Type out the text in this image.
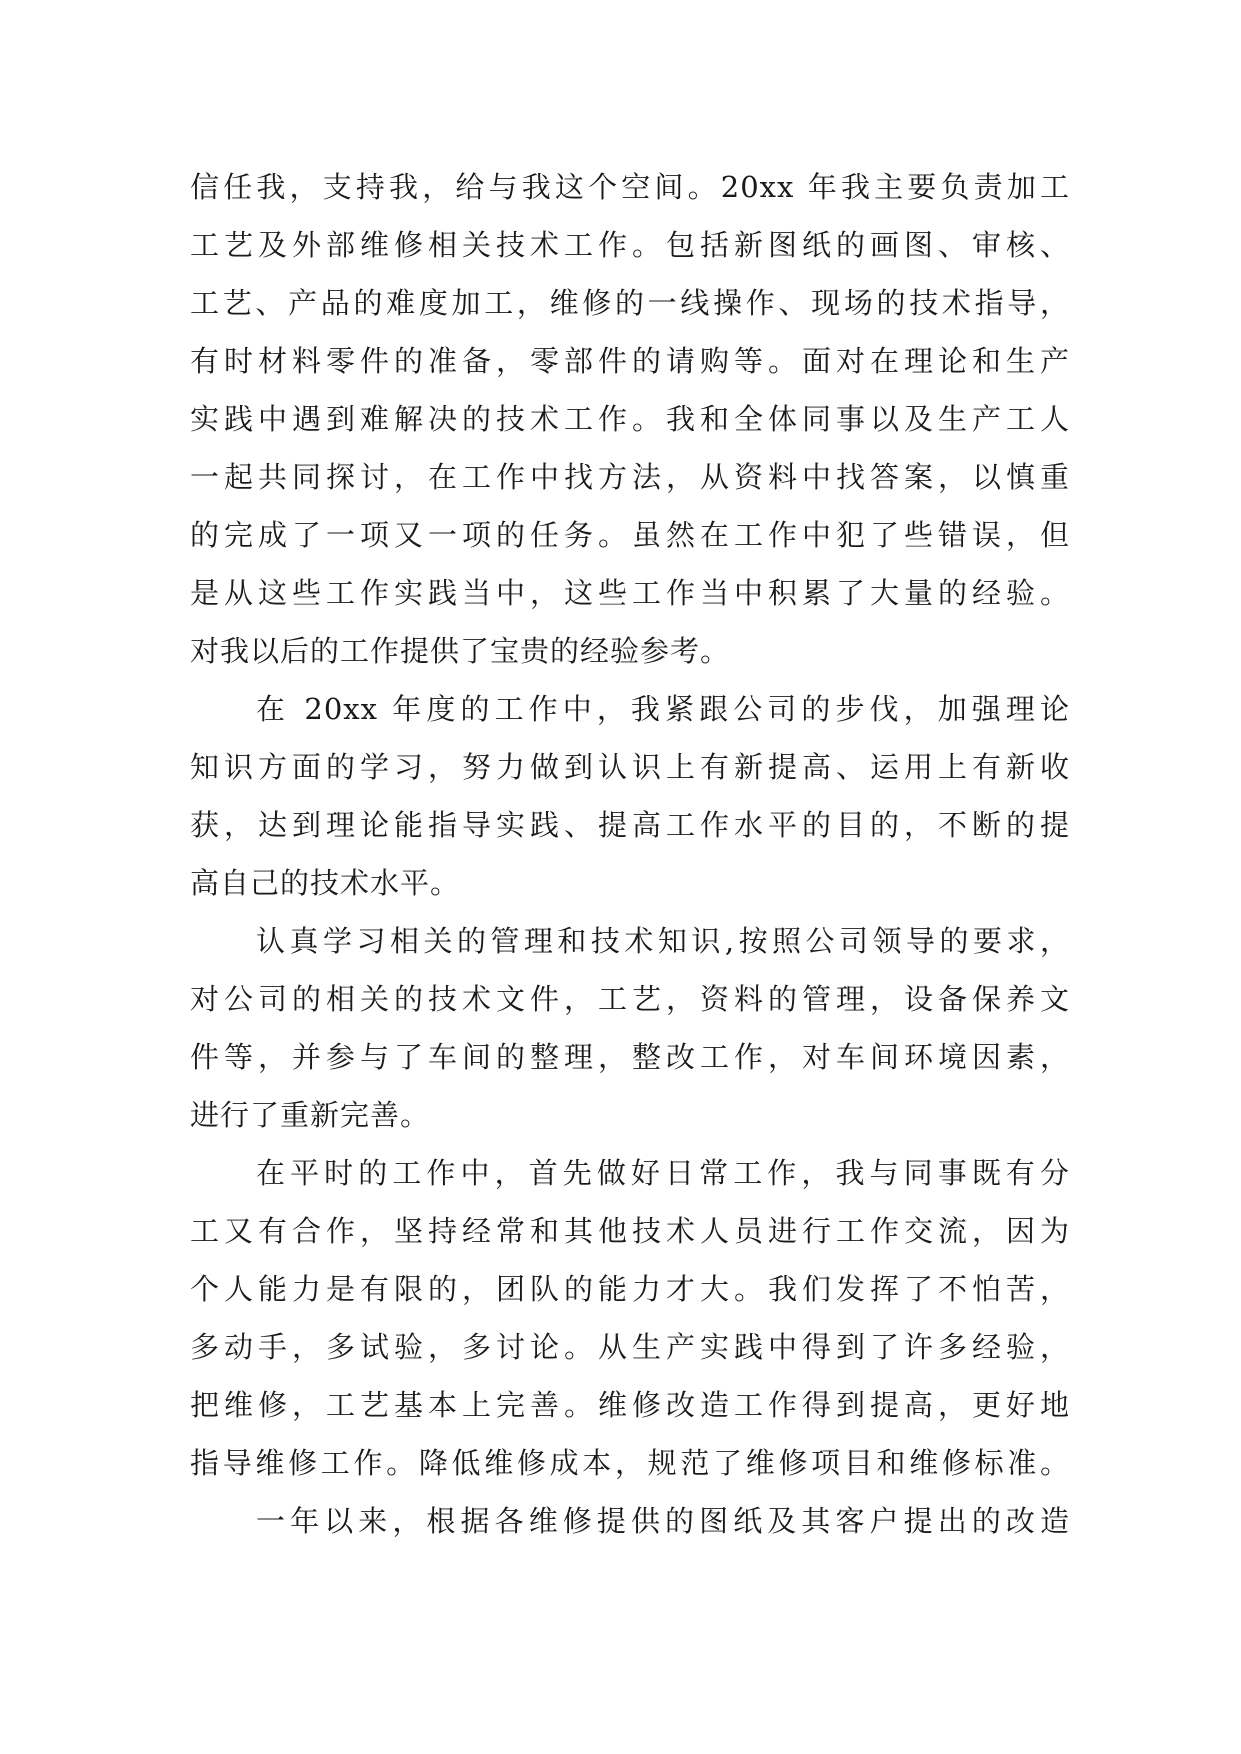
信任我，支持我，给与我这个空间。20xx 年我主要负责加工
工艺及外部维修相关技术工作。包括新图纸的画图、审核、
工艺、产品的难度加工，维修的一线操作、现场的技术指导，
有时材料零件的准备，零部件的请购等。面对在理论和生产
实践中遇到难解决的技术工作。我和全体同事以及生产工人
一起共同探讨，在工作中找方法，从资料中找答案，以慎重
的完成了一项又一项的任务。虽然在工作中犯了些错误，但
是从这些工作实践当中，这些工作当中积累了大量的经验。
对我以后的工作提供了宝贵的经验参考。
在 20xx 年度的工作中，我紧跟公司的步伐，加强理论
知识方面的学习，努力做到认识上有新提高、运用上有新收
获，达到理论能指导实践、提高工作水平的目的，不断的提
高自己的技术水平。
认真学习相关的管理和技术知识,按照公司领导的要求，
对公司的相关的技术文件，工艺，资料的管理，设备保养文
件等，并参与了车间的整理，整改工作，对车间环境因素，
进行了重新完善。
在平时的工作中，首先做好日常工作，我与同事既有分
工又有合作，坚持经常和其他技术人员进行工作交流，因为
个人能力是有限的，团队的能力才大。我们发挥了不怕苦，
多动手，多试验，多讨论。从生产实践中得到了许多经验，
把维修，工艺基本上完善。维修改造工作得到提高，更好地
指导维修工作。降低维修成本，规范了维修项目和维修标准。
一年以来，根据各维修提供的图纸及其客户提出的改造
